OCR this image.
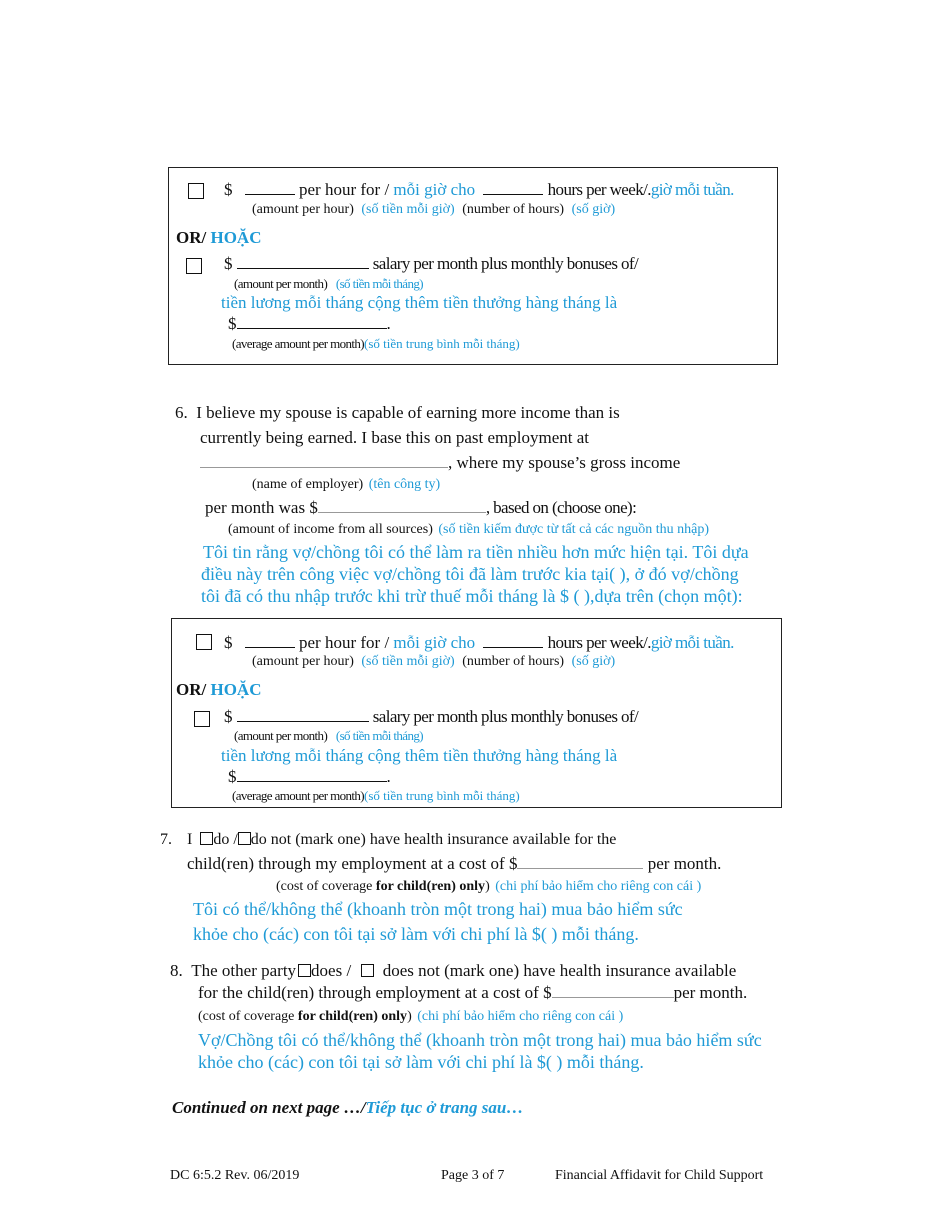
$	per hour for / mỗi giờ cho	hours per week/.giờ mỗi tuần.
(amount per hour) (số tiền mỗi giờ) (number of hours) (số giờ)
OR/ HOẶC
$	salary per month plus monthly bonuses of/
(amount per month) (số tiền mỗi tháng)
tiền lương mỗi tháng cộng thêm tiền thưởng hàng tháng là
$	.
(average amount per month)(số tiền trung bình mỗi tháng)
6. I believe my spouse is capable of earning more income than is
currently being earned. I base this on past employment at
, where my spouse’s gross income
(name of employer) (tên công ty)
per month was $	, based on (choose one):
(amount of income from all sources) (số tiền kiếm được từ tất cả các nguồn thu nhập)
Tôi tin rằng vợ/chồng tôi có thể làm ra tiền nhiều hơn mức hiện tại. Tôi dựa
điều này trên công việc vợ/chồng tôi đã làm trước kia tại( ), ở đó vợ/chồng
tôi đã có thu nhập trước khi trừ thuế mỗi tháng là $ ( ),dựa trên (chọn một):
$	per hour for / mỗi giờ cho	hours per week/.giờ mỗi tuần.
(amount per hour) (số tiền mỗi giờ) (number of hours) (số giờ)
OR/ HOẶC
$	salary per month plus monthly bonuses of/
(amount per month) (số tiền mỗi tháng)
tiền lương mỗi tháng cộng thêm tiền thưởng hàng tháng là
$	.
(average amount per month)(số tiền trung bình mỗi tháng)
7. I do / do not (mark one) have health insurance available for the
child(ren) through my employment at a cost of $	per month.
(cost of coverage for child(ren) only) (chi phí bảo hiểm cho riêng con cái )
Tôi có thể/không thể (khoanh tròn một trong hai) mua bảo hiểm sức
khỏe cho (các) con tôi tại sở làm với chi phí là $( ) mỗi tháng.
8. The other party does / does not (mark one) have health insurance available
for the child(ren) through employment at a cost of $	per month.
(cost of coverage for child(ren) only) (chi phí bảo hiểm cho riêng con cái )
Vợ/Chồng tôi có thể/không thể (khoanh tròn một trong hai) mua bảo hiểm sức
khỏe cho (các) con tôi tại sở làm với chi phí là $( ) mỗi tháng.
Continued on next page …/Tiếp tục ở trang sau…
DC 6:5.2 Rev. 06/2019	Page 3 of 7	Financial Affidavit for Child Support
